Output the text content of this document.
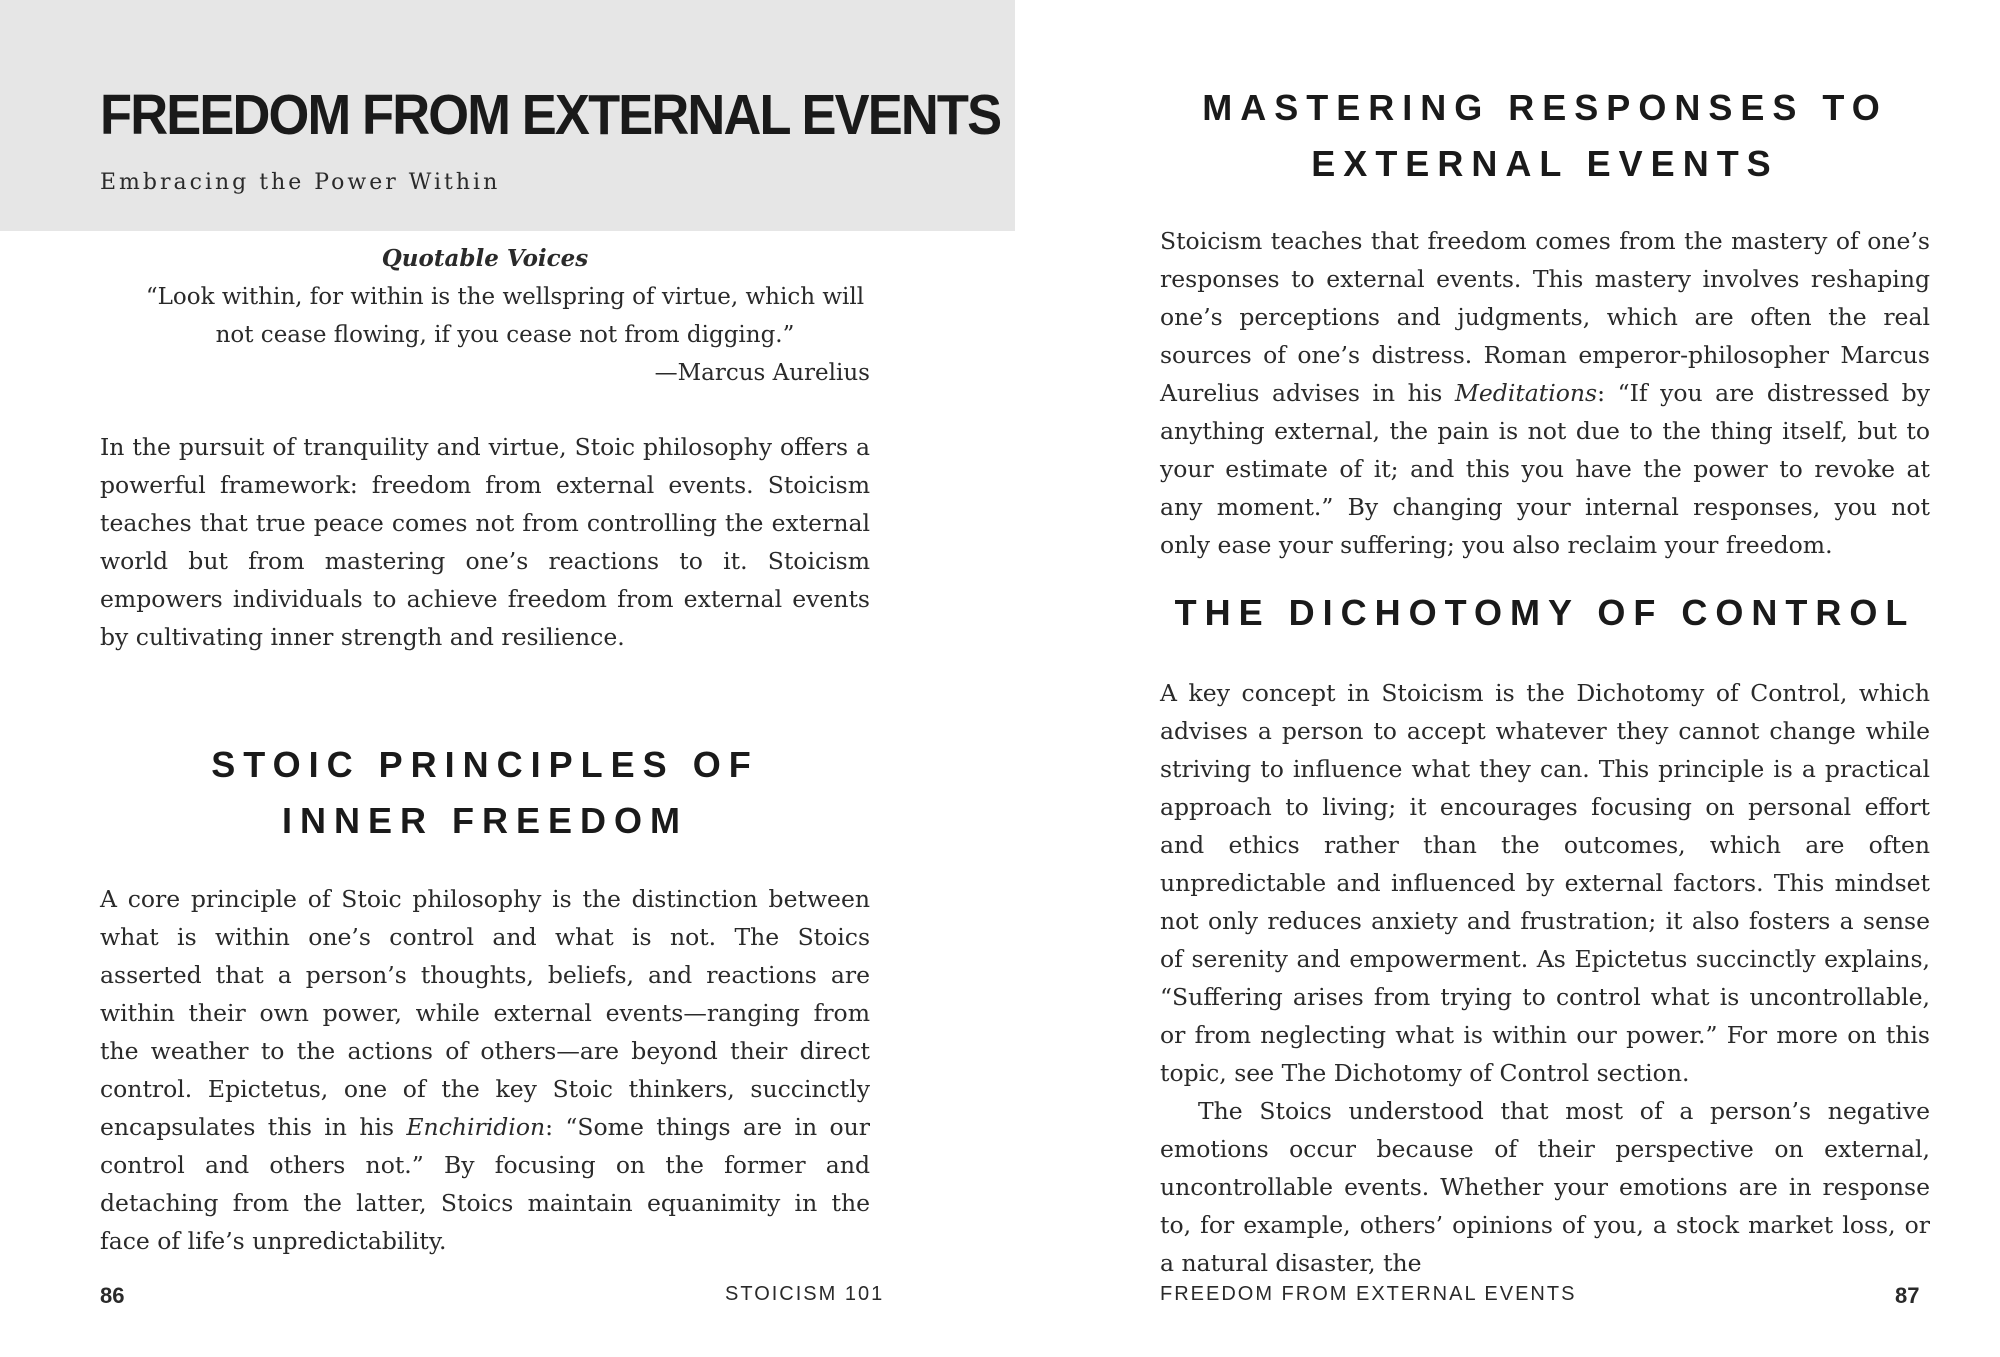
FREEDOM FROM EXTERNAL EVENTS
Embracing the Power Within
Quotable Voices
“Look within, for within is the wellspring of virtue, which will not cease flowing, if you cease not from digging.”
—Marcus Aurelius

In the pursuit of tranquility and virtue, Stoic philosophy offers a powerful framework: freedom from external events. Stoicism teaches that true peace comes not from controlling the external world but from mastering one’s reactions to it. Stoicism empowers individuals to achieve freedom from external events by cultivating inner strength and resilience.

STOIC PRINCIPLES OF
INNER FREEDOM

A core principle of Stoic philosophy is the distinction between what is within one’s control and what is not. The Stoics asserted that a person’s thoughts, beliefs, and reactions are within their own power, while external events—ranging from the weather to the actions of others—are beyond their direct control. Epictetus, one of the key Stoic thinkers, succinctly encapsulates this in his Enchiridion: “Some things are in our control and others not.” By focusing on the former and detaching from the latter, Stoics maintain equanimity in the face of life’s unpredictability.

86	STOICISM 101
MASTERING RESPONSES TO
EXTERNAL EVENTS

Stoicism teaches that freedom comes from the mastery of one’s responses to external events. This mastery involves reshaping one’s perceptions and judgments, which are often the real sources of one’s distress. Roman emperor-philosopher Marcus Aurelius advises in his Meditations: “If you are distressed by anything external, the pain is not due to the thing itself, but to your estimate of it; and this you have the power to revoke at any moment.” By changing your internal responses, you not only ease your suffering; you also reclaim your freedom.

THE DICHOTOMY OF CONTROL

A key concept in Stoicism is the Dichotomy of Control, which advises a person to accept whatever they cannot change while striving to influence what they can. This principle is a practical approach to living; it encourages focusing on personal effort and ethics rather than the outcomes, which are often unpredictable and influenced by external factors. This mindset not only reduces anxiety and frustration; it also fosters a sense of serenity and empowerment. As Epictetus succinctly explains, “Suffering arises from trying to control what is uncontrollable, or from neglecting what is within our power.” For more on this topic, see The Dichotomy of Control section.

The Stoics understood that most of a person’s negative emotions occur because of their perspective on external, uncontrollable events. Whether your emotions are in response to, for example, others’ opinions of you, a stock market loss, or a natural disaster, the

FREEDOM FROM EXTERNAL EVENTS	87
